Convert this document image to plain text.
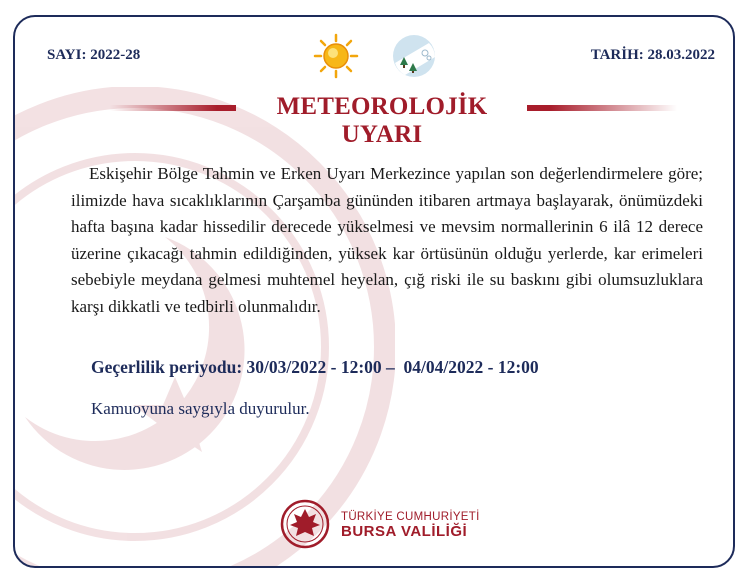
SAYI: 2022-28	TARİH: 28.03.2022
METEOROLOJİK UYARI
Eskişehir Bölge Tahmin ve Erken Uyarı Merkezince yapılan son değerlendirmelere göre; ilimizde hava sıcaklıklarının Çarşamba gününden itibaren artmaya başlayarak, önümüzdeki hafta başına kadar hissedilir derecede yükselmesi ve mevsim normallerinin 6 ilâ 12 derece üzerine çıkacağı tahmin edildiğinden, yüksek kar örtüsünün olduğu yerlerde, kar erimeleri sebebiyle meydana gelmesi muhtemel heyelan, çığ riski ile su baskını gibi olumsuzluklara karşı dikkatli ve tedbirli olunmalıdır.
Geçerlilik periyodu: 30/03/2022 - 12:00 –  04/04/2022 - 12:00
Kamuoyuna saygıyla duyurulur.
TÜRKİYE CUMHURİYETİ
BURSA VALİLİĞİ
